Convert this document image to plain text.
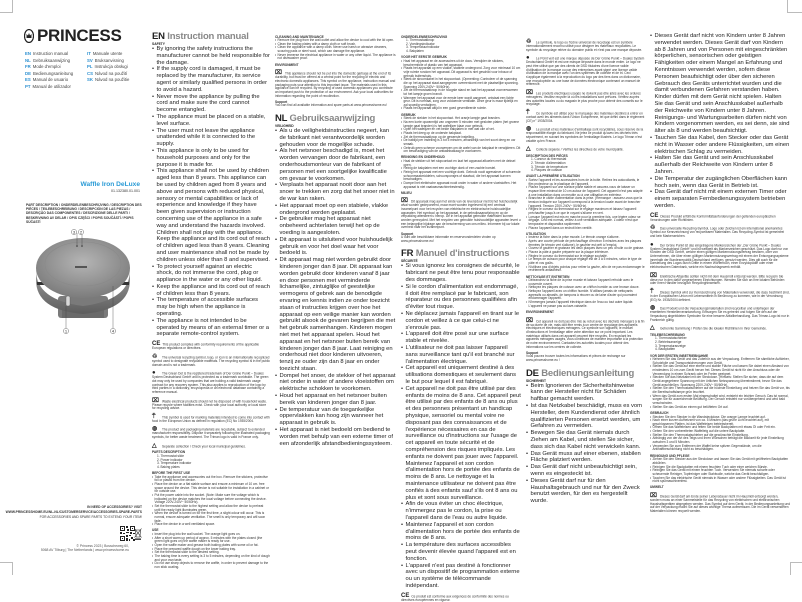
PRINCESS
EN Instruction manual	IT Manuale utente
NL Gebruiksaanwijzing	SV Bruksanvisning
FR Mode d'emploi	PL Instrukcja obsługi
DE Bedienungsanleitung	CS Návod na použití
ES Manual de usuario	SK Návod na použitie
PT Manual de utilizador
Waffle Iron DeLuxe
01.132380.01.001
PART DESCRIPTION / ONDERDELENBESCHRIJVING / DESCRIPTION DES PIÈCES / TEILEBESCHREIBUNG / DESCRIPCIÓN DE LAS PIEZAS / DESCRIÇÃO DAS COMPONENTES / DESCRIZIONE DELLE PARTI / BESKRIVNING AV DELAR / OPIS CZĘŚCI / POPIS SOUČÁSTÍ / POPIS SÚČASTÍ
3 2
1	4
IN NEED OF ACCESSORIES? VISIT
WWW.PRINCESSHOME.EU/NL-NL/CUSTOMERSERVICE/ACCESSORIES-SPARE-PARTS
FOR ACCESSORIES AND SPARE PARTS TO EXTEND YOUR ITEM!
© Princess 2023 | Bosscheweg 60,
5068 AV Tilburg | The Netherlands | www.princesshome.eu
EN Instruction manual
SAFETY
• By ignoring the safety instructions the manufacturer cannot be held responsible for the damage.
• If the supply cord is damaged, it must be replaced by the manufacturer, its service agent or similarly qualified persons in order to avoid a hazard.
• Never move the appliance by pulling the cord and make sure the cord cannot become entangled.
• The appliance must be placed on a stable, level surface.
• The user must not leave the appliance unattended while it is connected to the supply.
• This appliance is only to be used for household purposes and only for the purpose it is made for.
• This appliance shall not be used by children aged less than 8 years. This appliance can be used by children aged from 8 years and above and persons with reduced physical, sensory or mental capabilities or lack of experience and knowledge if they have been given supervision or instruction concerning use of the appliance in a safe way and understand the hazards involved. Children shall not play with the appliance. Keep the appliance and its cord out of reach of children aged less than 8 years. Cleaning and user maintenance shall not be made by children unless older than 8 and supervised.
• To protect yourself against an electric shock, do not immerse the cord, plug or appliance in the water or any other liquid.
• Keep the appliance and its cord out of reach of children less than 8 years.
• The temperature of accessible surfaces may be high when the appliance is operating.
• The appliance is not intended to be operated by means of an external timer or a separate remote-control system.
CE This product complies with conformity requirements of the applicable European regulations or directives.
♲ The universal recycling symbol, logo, or icon is an internationally recognized symbol used to designate recyclable materials. The recycling symbol is in the public domain and is not a trademark.
● The Green Dot is the registered trademark of Der Grüne Punkt – Duales System Deutschland GmbH and is protected as a trademark worldwide. The green dot may only be used by companies that are holding a valid trademark usage contract for any recovery system. This also applies to reproduction of the logo by third parties in a dictionary, encyclopedia or an electronic database containing a reference manual.
⌧ Waste electrical products should not be disposed of with household waste. Please recycle where facilities exist. Check with your local authority or local store for recycling advice.
⍑ This symbol is used for marking materials intended to come into contact with food in the European Union as defined in regulation (EC) No 1935/2004.
◍ The product and packaging materials are recyclable, subject to extended manufacturer responsibility. Dispose it separately following the illustrated packaging symbols, for better waste treatment. The Triman logo is valid in France only.
△ Separate collection / Check your local municipal guidelines.
PARTS DESCRIPTION
1. Thermostat slide
2. Power indicator
3. Temperature indicator
4. Baking plates
BEFORE THE FIRST USE
• Take the appliance and accessories out the box. Remove the stickers, protective foil or plastic from the device.
• Place the device on a flat stable surface and ensure a minimum of 10 cm. free space around the device. This device is not suitable for installation in a cabinet or for outside use.
• Put the power cable into the socket. (Note: Make sure the voltage which is indicated on the device matches the local voltage before connecting the device. Voltage 220V-240V~ 50/60Hz).
• Set the thermostat slide to the highest setting and allow the device to preheat until the ready light illuminates green.
• When the device is turned on for the first time, a slight odour will occur. This is normal, ensure adequate ventilation. The smell is only temporary and will soon fade.
• Place the device in a well ventilated space.
USE
• Insert the plug into the wall socket. The orange light goes on.
• After a short warm up period of approx. 5 minutes with the plates closed (the green light goes on) the waffle maker is ready for use.
• Open the waffle maker and grease both baking plates with some oil or fat.
• Place the prepared waffle dough on the lower baking tray.
• Set the thermostat slide to the desired setting.
• The baking time is every setting is 3 to 5 minutes, depending on the kind of dough and your own taste.
• Do not use sharp objects to remove the waffle, in order to prevent damage to the non stick coating.
CLEANING AND MAINTENANCE
• Remove the plug from the wall outlet and allow the device to cool with the lid open.
• Clean the baking plates with a damp cloth or soft brush.
• Clean the appliance with a damp cloth. Never use harsh or abrasive cleaners, scouring pads or steel wool, which can damage the appliance.
• Never immerse the electrical appliance in water or any other liquid. The appliance is not dishwasher proof.
ENVIRONMENT
⌧ This appliance should not be put into the domestic garbage at the end of its durability, but must be offered at a central point for the recycling of electric and electronic domestic appliances. This symbol on the appliance, instruction manual and packaging puts your attention to this important issue. The materials used in this appliance can be recycled. By recycling of used domestic appliances you contribute an important push to the protection of our environment. Ask your local authorities for information regarding the point of recollection.
Support
You can find all available information and spare parts at www.princesshome.eu!
NL Gebruiksaanwijzing
VEILIGHEID
• Als u de veiligheidsinstructies negeert, kan de fabrikant niet verantwoordelijk worden gehouden voor de mogelijke schade.
• Als het netsnoer beschadigd is, moet het worden vervangen door de fabrikant, een onderhoudsmonteur van de fabrikant of personen met een soortgelijke kwalificatie om gevaar te voorkomen.
• Verplaats het apparaat nooit door aan het snoer te trekken en zorg dat het snoer niet in de war kan raken.
• Het apparaat moet op een stabiele, vlakke ondergrond worden geplaatst.
• De gebruiker mag het apparaat niet onbeheerd achterlaten terwijl het op de voeding is aangesloten.
• Dit apparaat is uitsluitend voor huishoudelijk gebruik en voor het doel waar het voor bedoeld is.
• Dit apparaat mag niet worden gebruikt door kinderen jonger dan 8 jaar. Dit apparaat kan worden gebruikt door kinderen vanaf 8 jaar en door personen met verminderde lichamelijke, zintuiglijke of geestelijke vermogens of gebrek aan de benodigde ervaring en kennis indien ze onder toezicht staan of instructies krijgen over hoe het apparaat op een veilige manier kan worden gebruikt alsook de gevaren begrijpen die met het gebruik samenhangen. Kinderen mogen niet met het apparaat spelen. Houd het apparaat en het netsnoer buiten bereik van kinderen jonger dan 8 jaar. Laat reiniging en onderhoud niet door kinderen uitvoeren, tenzij ze ouder zijn dan 8 jaar en onder toezicht staan.
• Dompel het snoer, de stekker of het apparaat niet onder in water of andere vloeistoffen om elektrische schokken te voorkomen.
• Houd het apparaat en het netsnoer buiten bereik van kinderen jonger dan 8 jaar.
• De temperatuur van de toegankelijke oppervlakken kan hoog zijn wanneer het apparaat in gebruik is.
• Het apparaat is niet bedoeld om bediend te worden met behulp van een externe timer of een afzonderlijk afstandbedieningssysteem.
ONDERDELENBESCHRIJVING
1. Thermostaatknop
2. Voedingsindicator
3. Temperatuurindicator
4. Bakplaten
VOOR HET EERSTE GEBRUIK
• Haal het apparaat en de accessoires uit de doos. Verwijder de stickers, beschermfolie of plastic van het apparaat.
• Plaats het apparaat op een vlakke, stabiele ondergrond. Zorg voor minimaal 10 cm vrije ruimte rondom het apparaat. Dit apparaat is niet geschikt voor inbouw of gebruik buitenshuis.
• Steek de stroomkabel in het stopcontact. (Opmerking: Controleer of de spanning die op het apparaat staat aangegeven overeenkomt met de plaatselijke spanning. Spanning 220V-240V~ 50/60Hz).
• Zet de thermostaatknop in de hoogste stand en laat het apparaat voorverwarmen tot het lampje groen brandt.
• Wanneer het apparaat voor de eerste keer wordt aangezet, ontstaat een lichte geur. Dit is normaal, zorg voor voldoende ventilatie. Deze geur is maar tijdelijk en zal spoedig verdwijnen.
• Plaats het apparaat altijd in een goed geventileerde ruimte.
GEBRUIK
• Steek de stekker in het stopcontact. Het oranje lampje gaat branden.
• Na een korte opwarmtijd van ongeveer 5 minuten met gesloten platen (het groene lampje gaat branden) is het wafelijzer klaar voor gebruik.
• Open het wafelijzer en vet beide bakplaten in met wat olie of vet.
• Plaats het deeg op de onderste bakplaat.
• Zet de thermostaatknop op de gewenste instelling.
• De baktijd per instelling is 3 tot 5 minuten, afhankelijk van het soort deeg en uw smaak.
• Gebruik geen scherpe voorwerpen om de wafel van de bakplaat te verwijderen. Dit om beschadiging van de antiaanbaklaag te voorkomen.
REINIGING EN ONDERHOUD
• Haal de stekker uit het stopcontact en laat het apparaat afkoelen met de deksel open.
• Reinig de bakplaten met een vochtige doek of een zachte borstel.
• Reinig het apparaat met een vochtige doek. Gebruik nooit agressieve of schurende schoonmaakmiddelen, schuursponsjes of staalwol, die het apparaat kunnen beschadigen.
• Dompel het elektrische apparaat nooit onder in water of andere vloeistoffen. Het apparaat is niet vaatwasmachinebestendig.
MILIEU
⌧ Dit apparaat mag aan het einde van de levensduur niet bij het huishoudelijk afval worden gedeponeerd, maar moet worden ingeleverd bij een centraal inzamelpunt voor het recyclen van elektrische en elektronische huishoudelijke apparaten. Het symbool op het apparaat, in de gebruiksaanwijzing en op de verpakking attendeert u hierop. De in het apparaat gebruikte materialen kunnen worden gerecycled. Met het recyclen van gebruikte huishoudelijke apparaten levert u een belangrijke bijdrage aan de bescherming van ons milieu. Informeer bij uw lokale overheid naar het inzamelpunt.
Support
U kunt alle beschikbare informatie en reserveonderdelen vinden op www.princesshome.eu!
FR Manuel d'instructions
SÉCURITÉ
• Si vous ignorez les consignes de sécurité, le fabricant ne peut être tenu pour responsable des dommages.
• Si le cordon d'alimentation est endommagé, il doit être remplacé par le fabricant, son réparateur ou des personnes qualifiées afin d'éviter tout risque.
• Ne déplacez jamais l'appareil en tirant sur le cordon et veillez à ce que celui-ci ne s'enroule pas.
• L'appareil doit être posé sur une surface stable et nivelée.
• L'utilisateur ne doit pas laisser l'appareil sans surveillance tant qu'il est branché sur l'alimentation électrique.
• Cet appareil est uniquement destiné à des utilisations domestiques et seulement dans le but pour lequel il est fabriqué.
• Cet appareil ne doit pas être utilisé par des enfants de moins de 8 ans. Cet appareil peut être utilisé par des enfants de 8 ans ou plus et des personnes présentant un handicap physique, sensoriel ou mental voire ne disposant pas des connaissances et de l'expérience nécessaires en cas de surveillance ou d'instructions sur l'usage de cet appareil en toute sécurité et de compréhension des risques impliqués. Les enfants ne doivent pas jouer avec l'appareil. Maintenez l'appareil et son cordon d'alimentation hors de portée des enfants de moins de 8 ans. Le nettoyage et la maintenance utilisateur ne doivent pas être confiés à des enfants sauf s'ils ont 8 ans ou plus et sont sous surveillance.
• Afin de vous éviter un choc électrique, n'immergez pas le cordon, la prise ou l'appareil dans de l'eau ou autre liquide.
• Maintenez l'appareil et son cordon d'alimentation hors de portée des enfants de moins de 8 ans.
• La température des surfaces accessibles peut devenir élevée quand l'appareil est en fonction.
• L'appareil n'est pas destiné à fonctionner avec un dispositif de programmation externe ou un système de télécommande indépendant.
CE Ce produit est conforme aux exigences de conformité des normes ou directives européennes en vigueur.
♲ Le symbole, le logo ou l'icône universel de recyclage est un symbole internationalement reconnu utilisé pour désigner les matériaux recyclables. Le symbole du recyclage relève du domaine public et n'est pas une marque déposée.
● Le Point vert est une marque déposée de Der Grüne Punkt – Duales System Deutschland GmbH et est une marque déposée dans le monde entier. Le logo ne peut être utilisé que par des clients de DSD titulaires d'une licence valide d'utilisation de la marque ou par des entreprises ayant signé une licence valide d'utilisation de la marque avec l'un des systèmes de collecte et de tri. Ceci s'applique également à la reproduction du logo par des tiers dans un dictionnaire, une encyclopédie ou une base de données électronique contenant un manuel de référence.
⌧ Les produits électriques usagés ne doivent pas être jetés avec les ordures ménagères. Veuillez recycler là où les installations sont prévues. Vérifiez auprès des autorités locales ou du magasin le plus proche pour obtenir des conseils sur le recyclage.
⍑ Ce symbole est utilisé pour le marquage des matériaux destinés à entrer en contact avec les aliments dans l'Union Européenne, tel que défini dans le règlement (CE) n° 1935/2004.
◍ Le produit et les matériaux d'emballage sont recyclables, sous réserve de la responsabilité élargie du fabricant. Ne jetez ce produit qu'avec les déchets triés séparément, en suivant les symboles de l'emballage illustrés. Le logo Triman n'est valable qu'en France.
△ Collecte séparée / Vérifiez les directives de votre municipalité.
DESCRIPTION DES PIÈCES
1. Curseur du thermostat
2. Témoin d'alimentation
3. Témoin de température
4. Plaques de cuisson
AVANT LA PREMIÈRE UTILISATION
• Sortez l'appareil et les accessoires hors de la boîte. Retirez les autocollants, le film protecteur ou le plastique de l'appareil.
• Placez l'appareil sur une surface plane stable et assurez-vous de laisser un espace libre minimal de 10 cm autour de l'appareil. Cet appareil n'est pas adapté à une installation dans un meuble ou à une utilisation en extérieur.
• Branchez le câble d'alimentation dans la prise. (Remarque : assurez-vous que la tension indiquée sur l'appareil correspond à la tension locale avant de brancher l'appareil. Tension 220V-240V~ 50/60Hz).
• Réglez le curseur du thermostat sur le réglage maximum et laissez l'appareil préchauffer jusqu'à ce que le voyant s'allume en vert.
• Lorsque l'appareil est mis en marche pour la première fois, une légère odeur se dégage. Ceci est normal, veillez à une ventilation adéquate. L'odeur n'est que temporaire et disparaîtra rapidement.
• Placez l'appareil dans un endroit bien ventilé.
UTILISATION
• Insérez la fiche dans la prise murale. Le témoin orange s'allume.
• Après une courte période de préchauffage d'environ 5 minutes avec les plaques fermées (le témoin vert s'allume), le gaufrier est prêt à l'emploi.
• Ouvrez le gaufrier et graissez les deux plaques avec un peu d'huile ou de graisse.
• Placez la pâte à gaufre préparée sur la plaque inférieure.
• Réglez le curseur du thermostat sur le réglage souhaité.
• Le temps de cuisson pour chaque réglage est de 3 à 5 minutes, selon le type de pâte et vos goûts.
• N'utilisez pas d'objets pointus pour retirer la gaufre, afin de ne pas endommager le revêtement antiadhésif.
NETTOYAGE ET ENTRETIEN
• Débranchez la fiche de la prise murale et laissez l'appareil refroidir avec le couvercle ouvert.
• Nettoyez les plaques de cuisson avec un chiffon humide ou une brosse douce.
• Nettoyez l'appareil avec un chiffon humide. N'utilisez jamais de nettoyants agressifs ou abrasifs, de tampons à récurer ou de laine d'acier qui pourraient endommager l'appareil.
• N'immergez jamais l'appareil électrique dans de l'eau ou tout autre liquide. L'appareil ne passe pas au lave-vaisselle.
ENVIRONNEMENT
⌧ Cet appareil ne doit pas être mis au rebut avec les déchets ménagers à la fin de sa durée de vie, mais doit être remis à un centre de recyclage des appareils électriques et électroniques ménagers. Ce symbole sur l'appareil, le manuel d'instructions et l'emballage attire votre attention sur ce point important. Les matériaux utilisés dans cet appareil peuvent être recyclés. En recyclant les appareils ménagers usagés, vous contribuez de manière importante à la protection de notre environnement. Contactez les autorités locales pour obtenir des informations sur les centres de collecte.
Support
Vous pouvez trouver toutes les informations et pièces de rechange sur www.princesshome.eu !
DE Bedienungsanleitung
SICHERHEIT
• Beim Ignorieren der Sicherheitshinweise kann der Hersteller nicht für Schäden haftbar gemacht werden.
• Ist das Netzkabel beschädigt, muss es vom Hersteller, dem Kundendienst oder ähnlich qualifizierten Personen ersetzt werden, um Gefahren zu vermeiden.
• Bewegen Sie das Gerät niemals durch Ziehen am Kabel, und stellen Sie sicher, dass sich das Kabel nicht verwickeln kann.
• Das Gerät muss auf einer ebenen, stabilen Fläche platziert werden.
• Das Gerät darf nicht unbeaufsichtigt sein, wenn es eingesteckt ist.
• Dieses Gerät darf nur für den Haushaltsgebrauch und nur für den Zweck benutzt werden, für den es hergestellt wurde.
• Dieses Gerät darf nicht von Kindern unter 8 Jahren verwendet werden. Dieses Gerät darf von Kindern ab 8 Jahren und von Personen mit eingeschränkten körperlichen, sensorischen oder geistigen Fähigkeiten oder einem Mangel an Erfahrung und Kenntnissen verwendet werden, sofern diese Personen beaufsichtigt oder über den sicheren Gebrauch des Geräts unterrichtet wurden und die damit verbundenen Gefahren verstanden haben. Kinder dürfen mit dem Gerät nicht spielen. Halten Sie das Gerät und sein Anschlusskabel außerhalb der Reichweite von Kindern unter 8 Jahren. Reinigungs- und Wartungsarbeiten dürfen nicht von Kindern vorgenommen werden, es sei denn, sie sind älter als 8 und werden beaufsichtigt.
• Tauchen Sie das Kabel, den Stecker oder das Gerät nicht in Wasser oder andere Flüssigkeiten, um einen elektrischen Schlag zu vermeiden.
• Halten Sie das Gerät und sein Anschlusskabel außerhalb der Reichweite von Kindern unter 8 Jahren.
• Die Temperatur der zugänglichen Oberflächen kann hoch sein, wenn das Gerät in Betrieb ist.
• Das Gerät darf nicht mit einem externen Timer oder einem separaten Fernbedienungssystem betrieben werden.
CE Dieses Produkt erfüllt die Konformitätsanforderungen der geltenden europäischen Verordnungen oder Richtlinien.
♲ Das universelle Recycling-Symbol, Logo oder Zeichen ist ein international anerkanntes Symbol zur Kennzeichnung von recycelbaren Materialien. Das Recycling-Symbol ist gemeinfrei und kein Markenzeichen.
● Der Grüne Punkt ist das eingetragene Markenzeichen der „Der Grüne Punkt – Duales System Deutschland GmbH“ und ist weltweit als Markenzeichen geschützt. Das Logo darf nur von Kunden der DSD GmbH, welche einen gültigen Markennutzungsvertrag besitzen, oder von Unternehmen, die über einen gültigen Markennutzungsvertrag mit einem der Entsorgungssysteme innerhalb der Bundesrepublik Deutschland verfügen, genutzt werden. Dies gilt auch für die Darstellung des Logos durch Dritte in einem Wörterbuch, einer Enzyklopädie oder einer elektronischen Datenbank, welche ein Nachschlagewerk enthält.
⌧ Elektrische Altgeräte sollten nicht mit dem Hausmüll entsorgt werden. Bitte recyceln Sie diese nur in den dafür vorgesehenen Einrichtungen. Wenden Sie sich an Ihre lokalen Behörden oder Ihren Händler bezüglich Recyclinghinweisen.
⍑ Dieses Symbol wird zur Kennzeichnung von Materialien verwendet, die dazu bestimmt sind, in der Europäischen Union mit Lebensmitteln in Berührung zu kommen, wie in der Verordnung (EG) Nr. 1935/2004 definiert.
◍ Das Produkt und die Verpackungsmaterialien sind recycelbar und unterliegen der erweiterten Herstellerverantwortung. Entsorgen Sie es getrennt und folgen Sie den auf der Verpackung abgebildeten Symbolen für eine bessere Abfallbehandlung. Das Triman-Logo ist nur in Frankreich gültig.
△ Getrennte Sammlung / Prüfen Sie die lokalen Richtlinien in Ihrer Gemeinde.
TEILEBESCHREIBUNG
1. Thermostatschieber
2. Betriebsanzeige
3. Temperaturanzeige
4. Backplatten
VOR DER ERSTEN INBETRIEBNAHME
• Nehmen Sie das Gerät und das Zubehör aus der Verpackung. Entfernen Sie sämtliche Aufkleber, Schutzfolie und Transportsicherungen vom Gerät.
• Stellen Sie das Gerät auf eine ebene und stabile Fläche und lassen Sie dabei einen Abstand von mindestens 10 cm zum Gerät herum frei. Dieses Gerät ist nicht für den Anschluss oder die Verwendung in einem Schrank oder im Freien geeignet.
• Stecken Sie das Netzkabel mit der Steckdose. (Hinweis: Stellen Sie sicher, dass die auf dem Gerät angegebene Spannung mit der örtlichen Netzspannung übereinstimmt, bevor Sie das Gerät anschließen. Spannung 220V-240V~ 50/60Hz).
• Stellen Sie den Thermostatschieber auf die höchste Einstellung und heizen Sie das Gerät vor, bis die Bereitschaftslampe grün leuchtet.
• Wenn das Gerät zum ersten Mal eingeschaltet wird, entsteht ein leichter Geruch. Das ist normal, sorgen Sie für ausreichende Belüftung. Der Geruch entsteht nur vorübergehend und wird bald verschwinden.
• Stellen Sie das Gerät an einem gut belüfteten Ort auf.
GEBRAUCH
• Stecken Sie den Stecker in die Wandsteckdose. Die orange Lampe leuchtet auf.
• Nach einer kurzen Aufheizzeit von ca. 5 Minuten (das grüne Licht leuchtet auf), mit geschlossenen Platten, ist das Waffeleisen betriebsbereit.
• Öffnen Sie das Waffeleisen und fetten Sie beide Backplatten mit etwas Öl oder Fett ein.
• Geben Sie den vorbereiteten Waffelteig auf die untere Backplatte.
• Stellen Sie den Thermostatschieber auf die gewünschte Einstellung.
• Abhängig von der Art des Teigs und Ihren Wünschen beträgt die Backzeit für jede Einstellung zwischen 3 und 5 Minuten.
• Verwenden Sie zum Entfernen der Waffel keine spitzen Gegenstände, um die Antihaftbeschichtung nicht zu beschädigen.
REINIGUNG UND PFLEGE
• Ziehen Sie den Stecker aus der Steckdose und lassen Sie das Gerät mit geöffneten Backplatten abkühlen.
• Reinigen Sie die Backplatten mit einem feuchten Tuch oder einer weichen Bürste.
• Reinigen Sie das Gerät mit einem feuchten Tuch. Verwenden Sie niemals scharfe oder scheuernde Reiniger, Topfreiniger oder Stahlwolle, welche das Gerät beschädigen.
• Tauchen Sie das elektrische Gerät niemals in Wasser oder andere Flüssigkeiten. Das Gerät ist nicht spülmaschinenfest.
UMWELT
⌧ Dieses Gerät darf am Ende seiner Lebensdauer nicht im Hausmüll entsorgt werden, sondern muss an einer Sammelstelle für das Recycling von elektrischen und elektronischen Haushaltsgeräten abgegeben werden. Das Symbol auf dem Gerät, in der Bedienungsanleitung und auf der Verpackung macht Sie auf dieses wichtige Thema aufmerksam. Die im Gerät verwendeten Materialien können recycelt werden.
